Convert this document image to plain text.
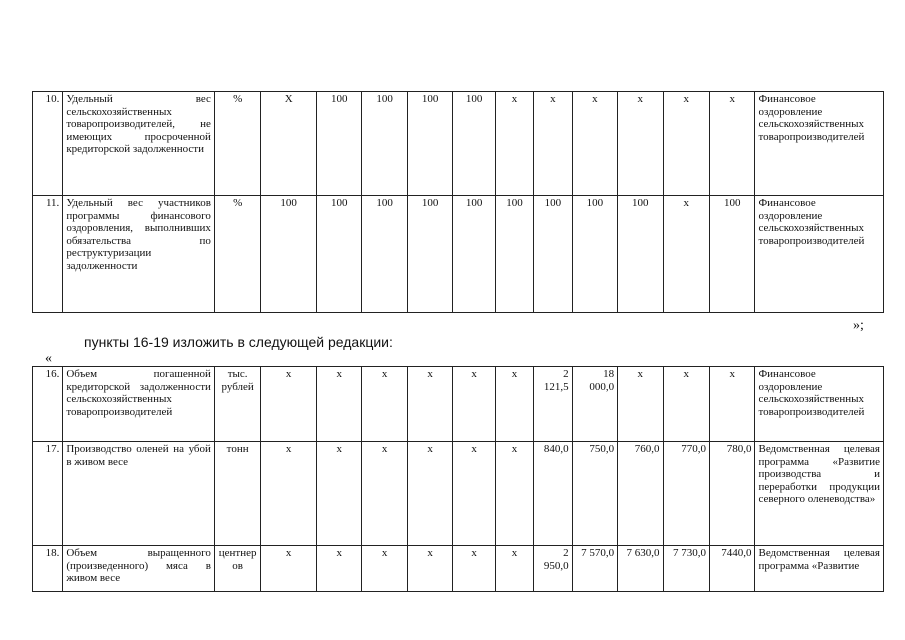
10.	Удельный вес сельскохозяйственных товаропроизводителей, не имеющих просроченной кредиторской задолженности	%	Х	100	100	100	100	х	х	х	х	х	х	Финансовое оздоровление сельскохозяйственных товаропроизводителей
11.	Удельный вес участников программы финансового оздоровления, выполнивших обязательства по реструктуризации задолженности	%	100	100	100	100	100	100	100	100	100	х	100	Финансовое оздоровление сельскохозяйственных товаропроизводителей
»;
пункты 16-19 изложить в следующей редакции:
«
16.	Объем погашенной кредиторской задолженности сельскохозяйственных товаропроизводителей	тыс. рублей	х	х	х	х	х	х	2 121,5	18 000,0	х	х	х	Финансовое оздоровление сельскохозяйственных товаропроизводителей
17.	Производство оленей на убой в живом весе	тонн	х	х	х	х	х	х	840,0	750,0	760,0	770,0	780,0	Ведомственная целевая программа «Развитие производства и переработки продукции северного оленеводства»
18.	Объем выращенного (произведенного) мяса в живом весе	центнеров	х	х	х	х	х	х	2 950,0	7 570,0	7 630,0	7 730,0	7440,0	Ведомственная целевая программа «Развитие
